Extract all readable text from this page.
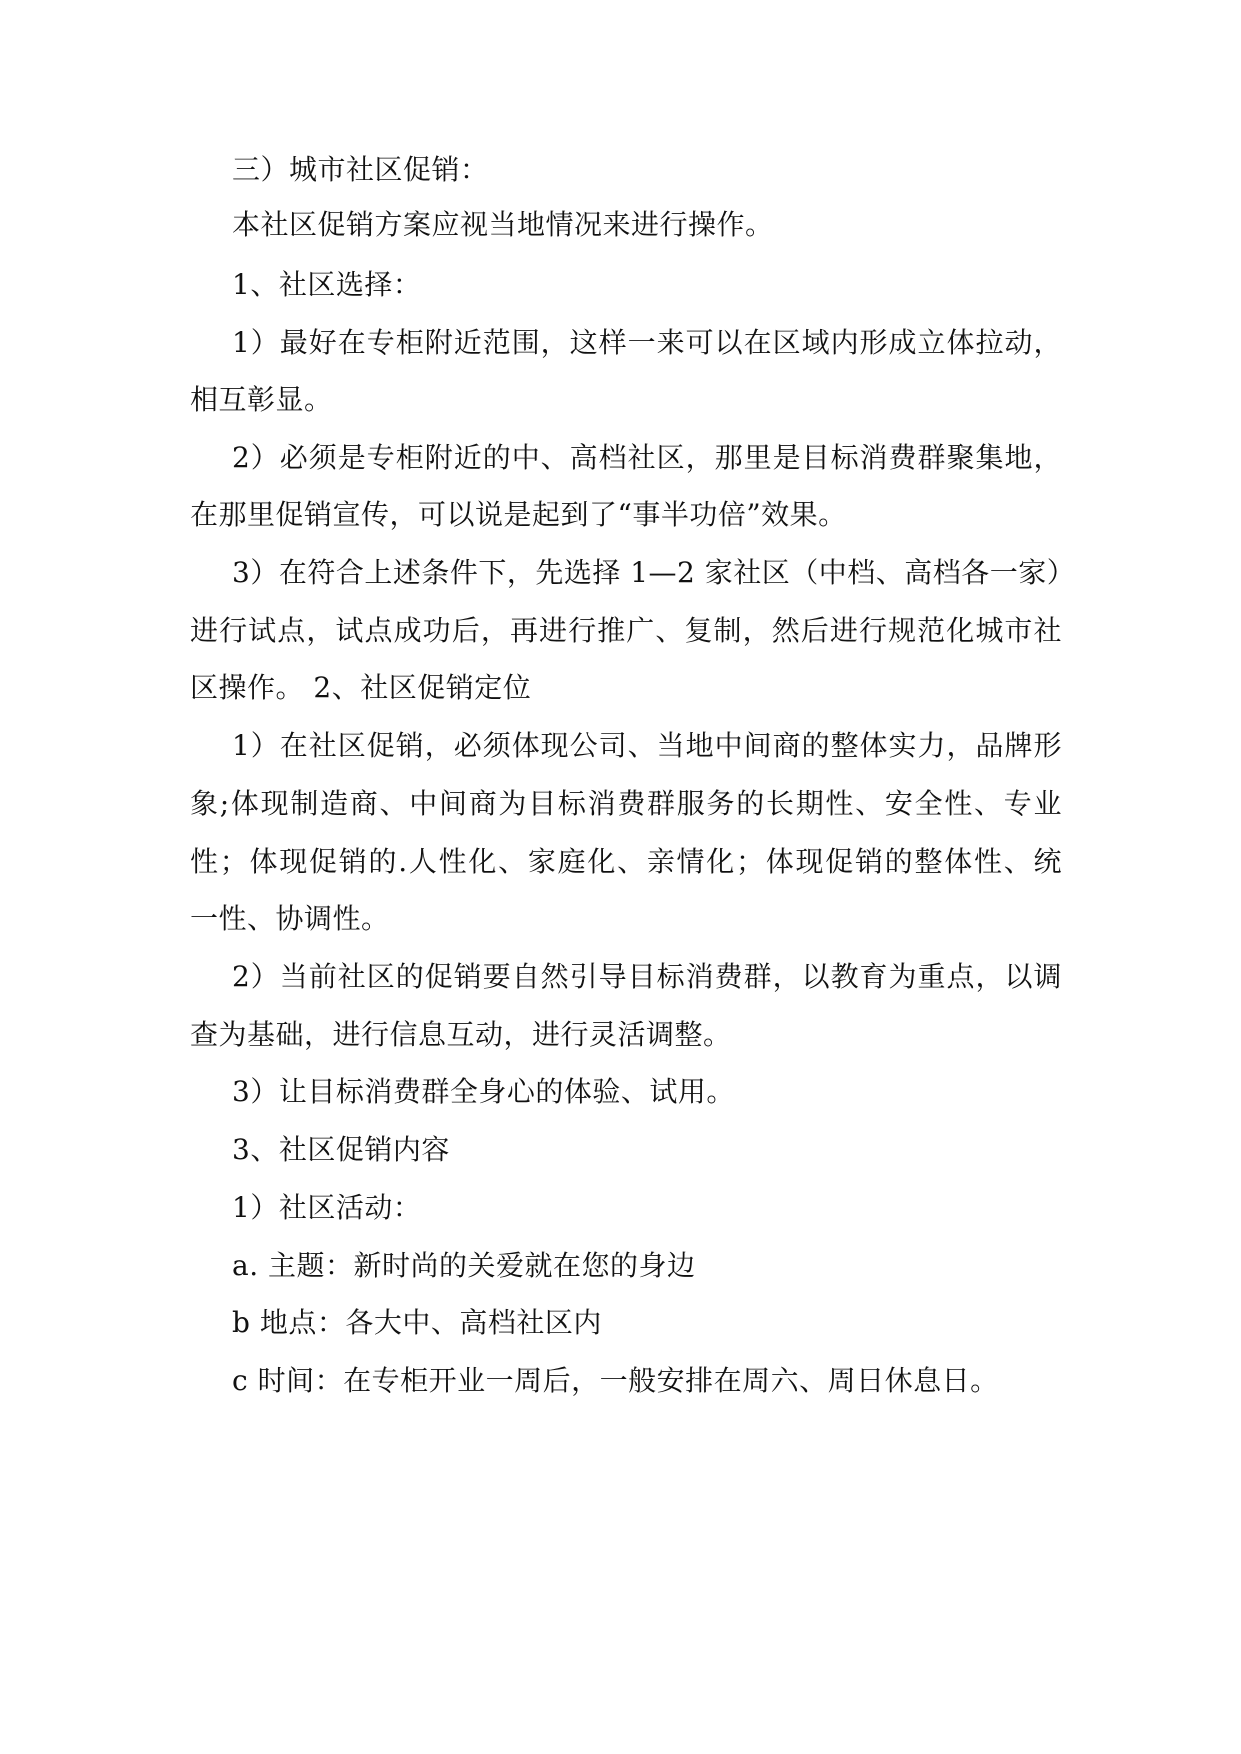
三）城市社区促销：
本社区促销方案应视当地情况来进行操作。
1、社区选择：
1）最好在专柜附近范围，这样一来可以在区域内形成立体拉动，
相互彰显。
2）必须是专柜附近的中、高档社区，那里是目标消费群聚集地，
在那里促销宣传，可以说是起到了“事半功倍”效果。
3）在符合上述条件下，先选择 1—2 家社区（中档、高档各一家）
进行试点，试点成功后，再进行推广、复制，然后进行规范化城市社
区操作。 2、社区促销定位
1）在社区促销，必须体现公司、当地中间商的整体实力，品牌形
象;体现制造商、中间商为目标消费群服务的长期性、安全性、专业
性；体现促销的.人性化、家庭化、亲情化；体现促销的整体性、统
一性、协调性。
2）当前社区的促销要自然引导目标消费群，以教育为重点，以调
查为基础，进行信息互动，进行灵活调整。
3）让目标消费群全身心的体验、试用。
3、社区促销内容
1）社区活动：
a. 主题：新时尚的关爱就在您的身边
b 地点：各大中、高档社区内
c 时间：在专柜开业一周后，一般安排在周六、周日休息日。
